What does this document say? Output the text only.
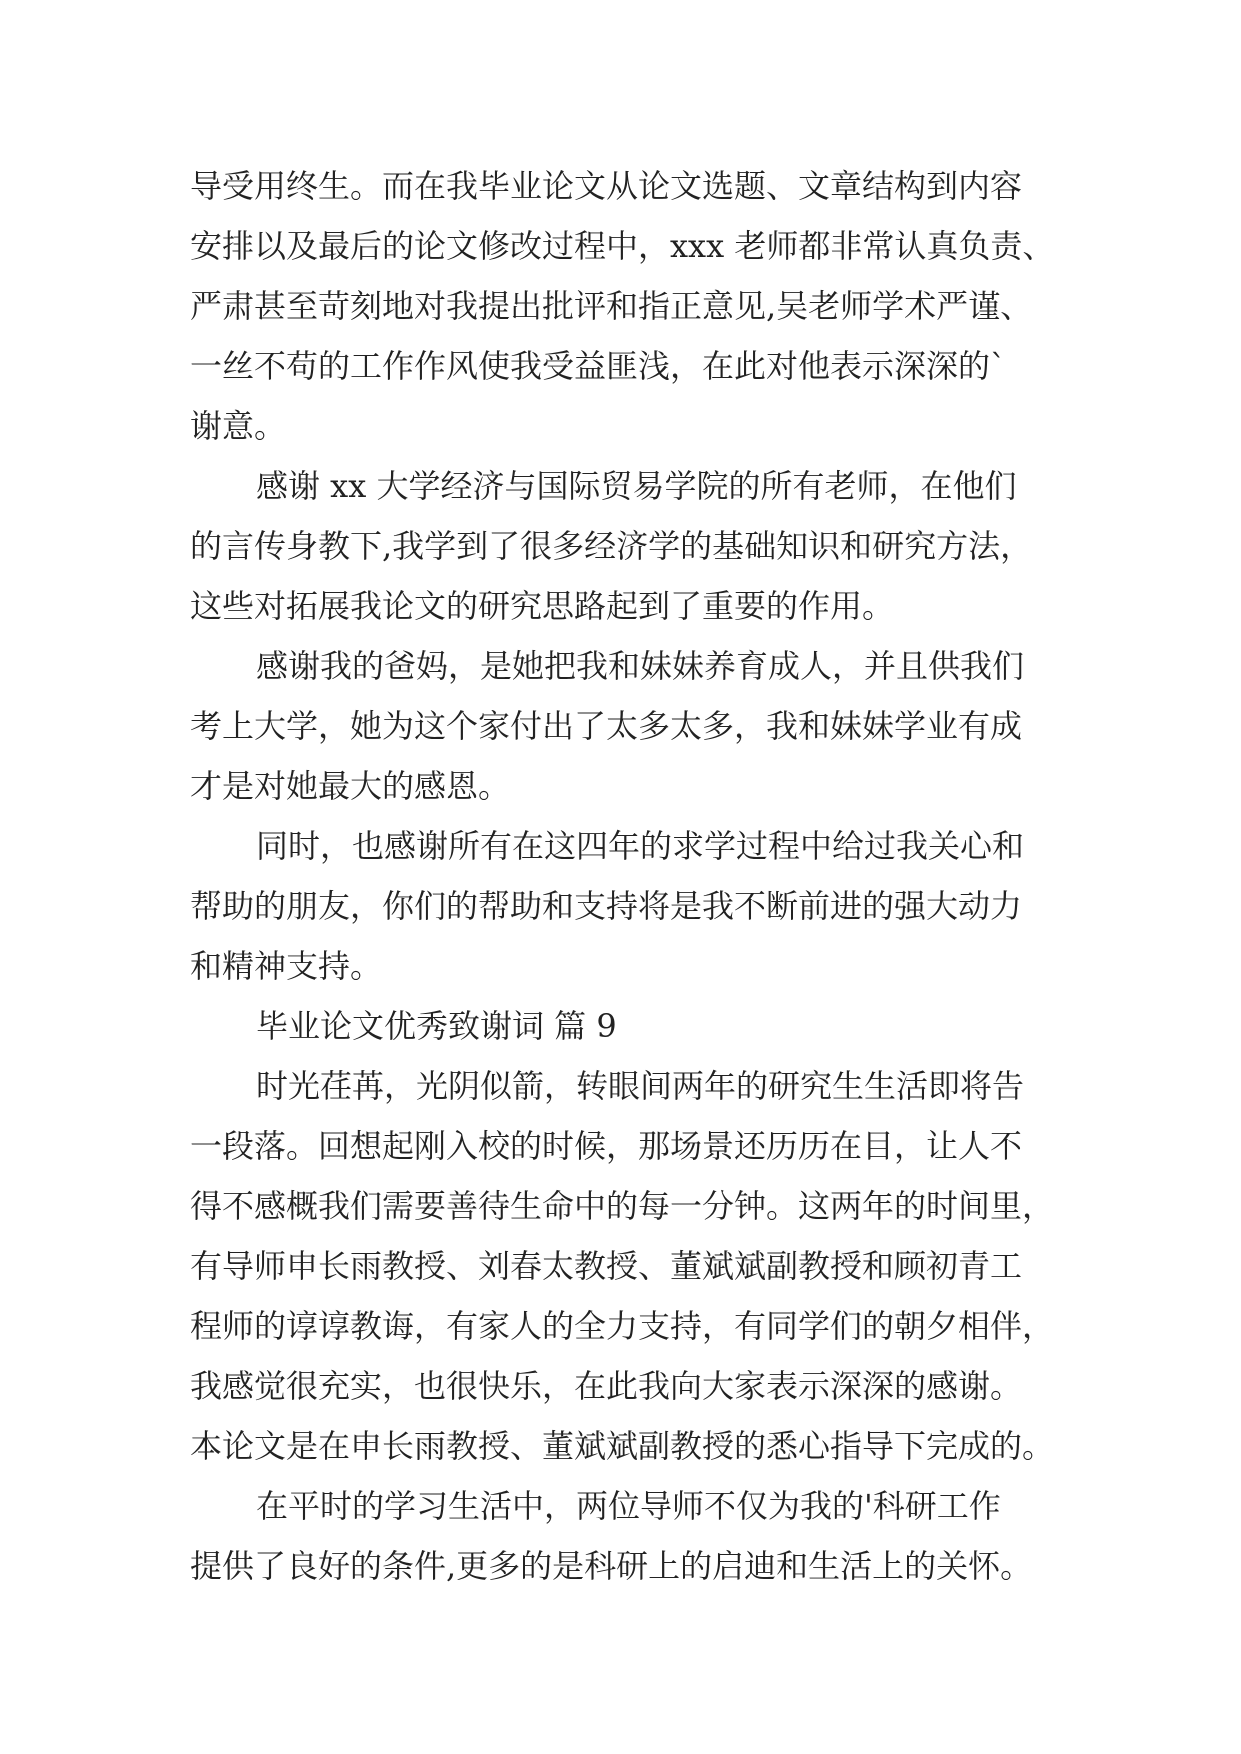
导受用终生。而在我毕业论文从论文选题、文章结构到内容
安排以及最后的论文修改过程中，xxx 老师都非常认真负责、
严肃甚至苛刻地对我提出批评和指正意见,吴老师学术严谨、
一丝不苟的工作作风使我受益匪浅，在此对他表示深深的`
谢意。
感谢 xx 大学经济与国际贸易学院的所有老师，在他们
的言传身教下,我学到了很多经济学的基础知识和研究方法，
这些对拓展我论文的研究思路起到了重要的作用。
感谢我的爸妈，是她把我和妹妹养育成人，并且供我们
考上大学，她为这个家付出了太多太多，我和妹妹学业有成
才是对她最大的感恩。
同时，也感谢所有在这四年的求学过程中给过我关心和
帮助的朋友，你们的帮助和支持将是我不断前进的强大动力
和精神支持。
毕业论文优秀致谢词 篇 9
时光荏苒，光阴似箭，转眼间两年的研究生生活即将告
一段落。回想起刚入校的时候，那场景还历历在目，让人不
得不感概我们需要善待生命中的每一分钟。这两年的时间里，
有导师申长雨教授、刘春太教授、董斌斌副教授和顾初青工
程师的谆谆教诲，有家人的全力支持，有同学们的朝夕相伴，
我感觉很充实，也很快乐，在此我向大家表示深深的感谢。
本论文是在申长雨教授、董斌斌副教授的悉心指导下完成的。
在平时的学习生活中，两位导师不仅为我的'科研工作
提供了良好的条件,更多的是科研上的启迪和生活上的关怀。
